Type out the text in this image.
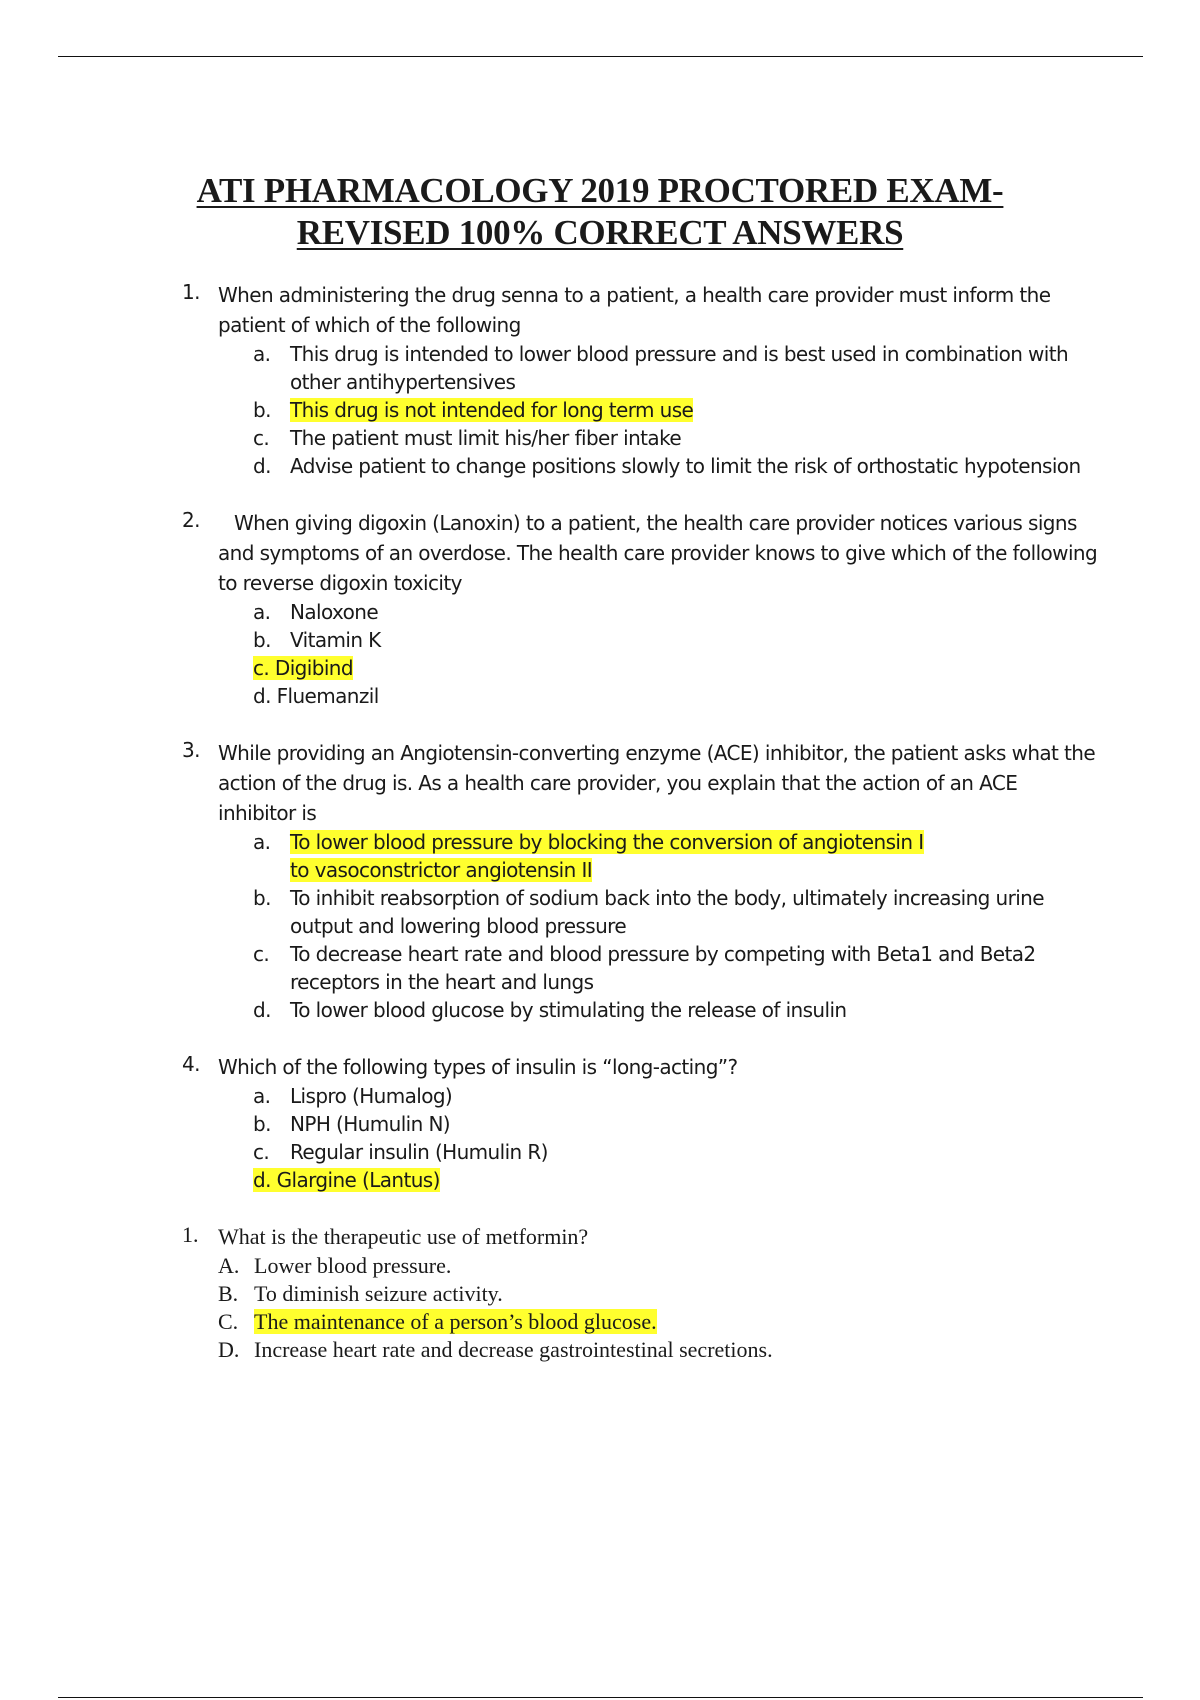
ATI PHARMACOLOGY 2019 PROCTORED EXAM-
REVISED 100% CORRECT ANSWERS
1. When administering the drug senna to a patient, a health care provider must inform the patient of which of the following
a. This drug is intended to lower blood pressure and is best used in combination with other antihypertensives
b. This drug is not intended for long term use
c. The patient must limit his/her fiber intake
d. Advise patient to change positions slowly to limit the risk of orthostatic hypotension
2.	When giving digoxin (Lanoxin) to a patient, the health care provider notices various signs and symptoms of an overdose. The health care provider knows to give which of the following to reverse digoxin toxicity
a. Naloxone
b. Vitamin K
c. Digibind
d. Fluemanzil
3. While providing an Angiotensin-converting enzyme (ACE) inhibitor, the patient asks what the action of the drug is. As a health care provider, you explain that the action of an ACE inhibitor is
a. To lower blood pressure by blocking the conversion of angiotensin I to vasoconstrictor angiotensin II
b. To inhibit reabsorption of sodium back into the body, ultimately increasing urine output and lowering blood pressure
c. To decrease heart rate and blood pressure by competing with Beta1 and Beta2 receptors in the heart and lungs
d. To lower blood glucose by stimulating the release of insulin
4. Which of the following types of insulin is “long-acting”?
a. Lispro (Humalog)
b. NPH (Humulin N)
c. Regular insulin (Humulin R)
d. Glargine (Lantus)
1. What is the therapeutic use of metformin?
A. Lower blood pressure.
B. To diminish seizure activity.
C. The maintenance of a person’s blood glucose.
D. Increase heart rate and decrease gastrointestinal secretions.
